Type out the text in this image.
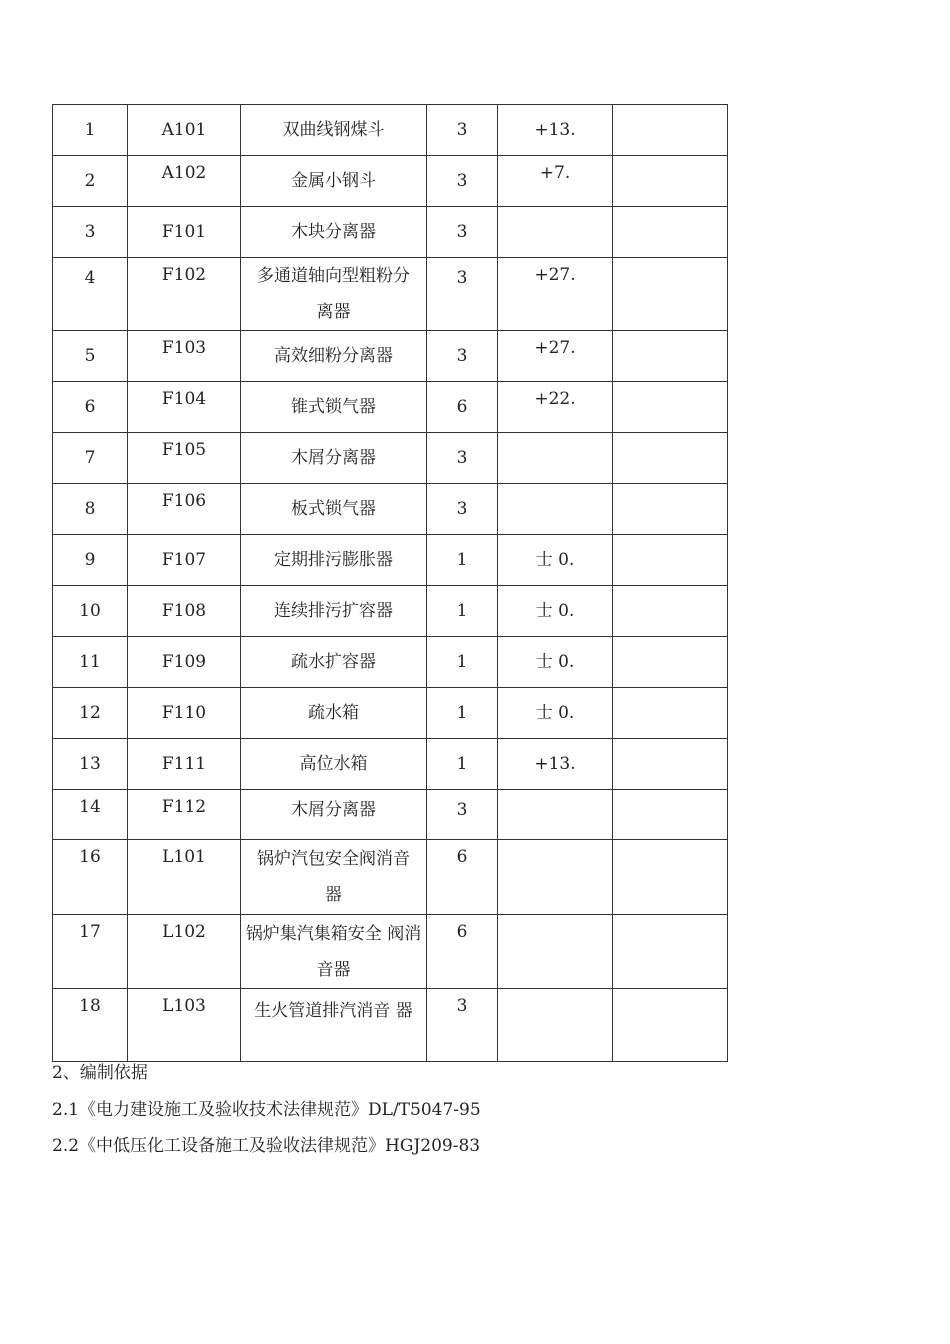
1	A101	双曲线钢煤斗	3	+13.	
2	A102	金属小钢斗	3	+7.	
3	F101	木块分离器	3		
4	F102	多通道轴向型粗粉分离器	3	+27.	
5	F103	高效细粉分离器	3	+27.	
6	F104	锥式锁气器	6	+22.	
7	F105	木屑分离器	3		
8	F106	板式锁气器	3		
9	F107	定期排污膨胀器	1	士 0.	
10	F108	连续排污扩容器	1	士 0.	
11	F109	疏水扩容器	1	士 0.	
12	F110	疏水箱	1	士 0.	
13	F111	高位水箱	1	+13.	
14	F112	木屑分离器	3		
16	L101	锅炉汽包安全阀消音器	6		
17	L102	锅炉集汽集箱安全 阀消音器	6		
18	L103	生火管道排汽消音 器	3		
2、编制依据
2.1《电力建设施工及验收技术法律规范》DL/T5047-95
2.2《中低压化工设备施工及验收法律规范》HGJ209-83
